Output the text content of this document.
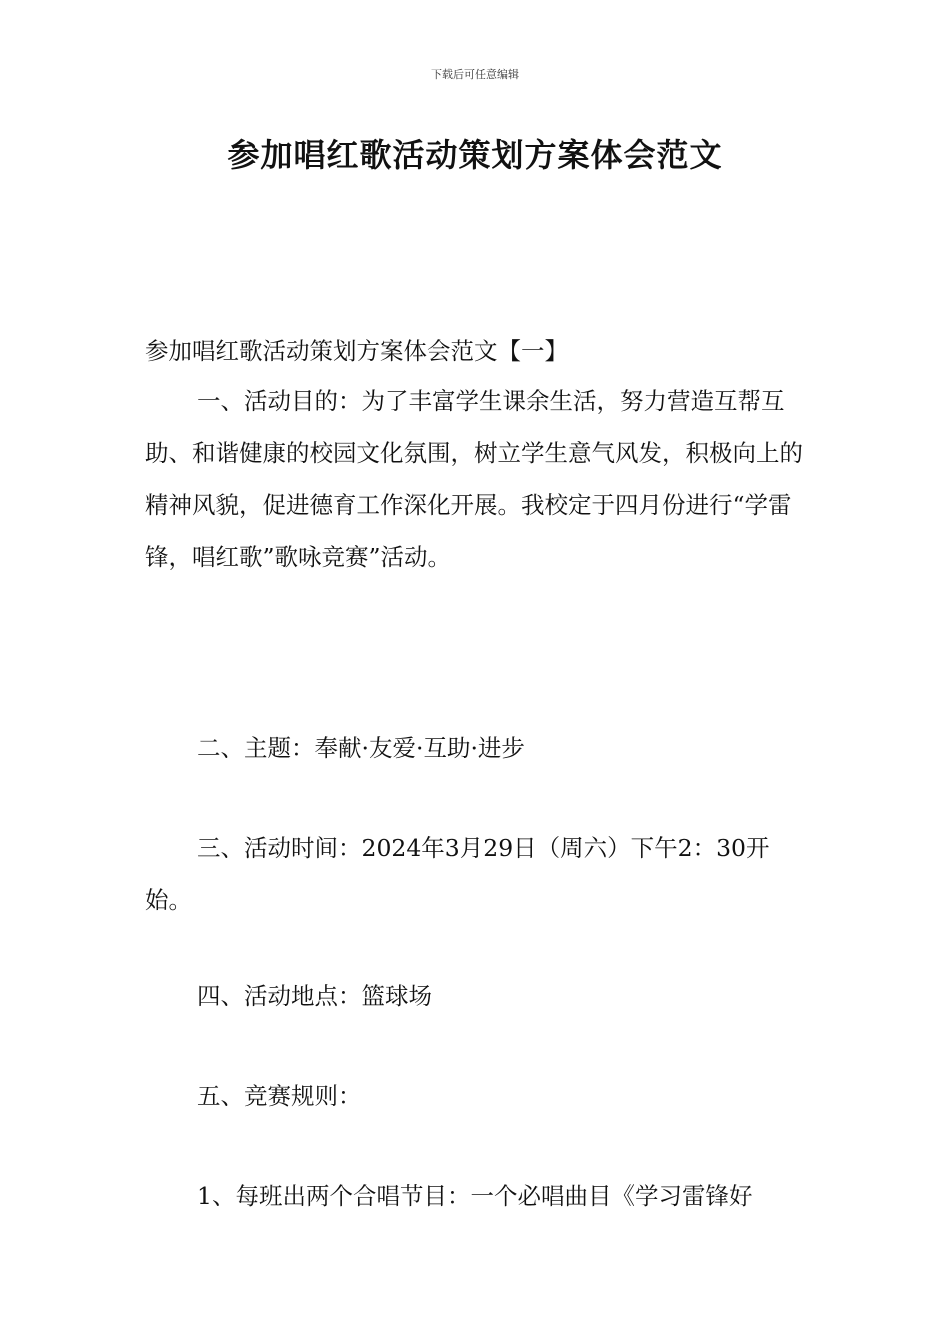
下载后可任意编辑
参加唱红歌活动策划方案体会范文

参加唱红歌活动策划方案体会范文【一】

一、活动目的：为了丰富学生课余生活，努力营造互帮互助、和谐健康的校园文化氛围，树立学生意气风发，积极向上的精神风貌，促进德育工作深化开展。我校定于四月份进行“学雷锋，唱红歌”歌咏竞赛”活动。

二、主题：奉献·友爱·互助·进步

三、活动时间：2024年3月29日（周六）下午2：30开始。

四、活动地点：篮球场

五、竞赛规则：

1、每班出两个合唱节目：一个必唱曲目《学习雷锋好
